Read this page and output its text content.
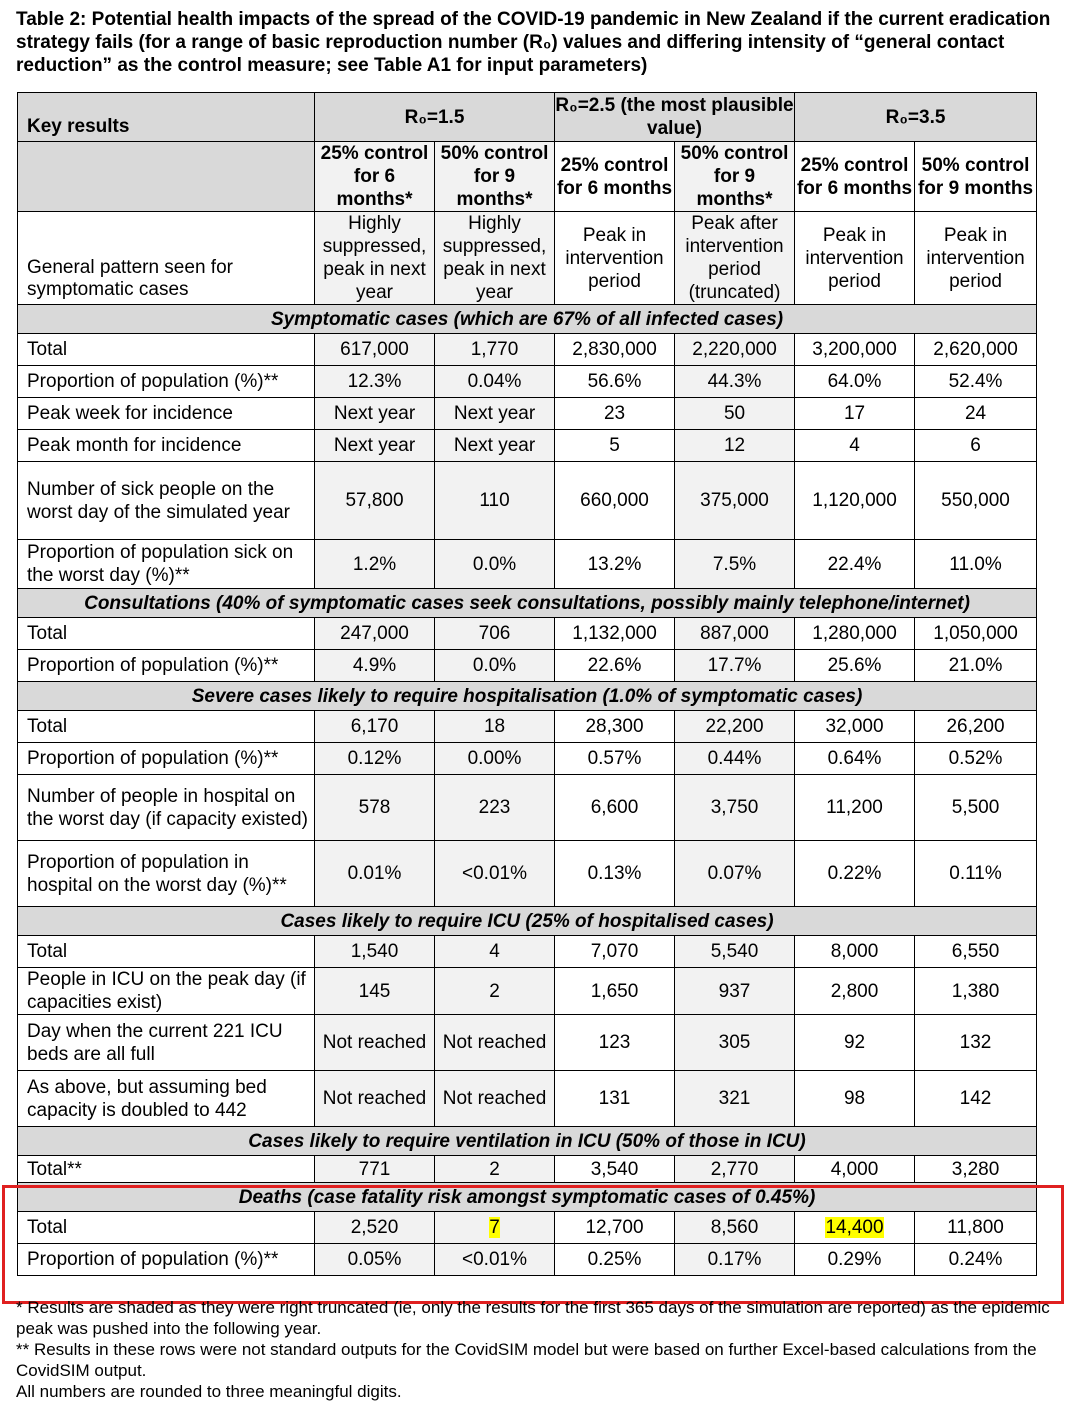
Table 2: Potential health impacts of the spread of the COVID-19 pandemic in New Zealand if the current eradication strategy fails (for a range of basic reproduction number (R₀) values and differing intensity of “general contact reduction” as the control measure; see Table A1 for input parameters)
Key results	R₀=1.5		R₀=2.5 (the most plausible value)		R₀=3.5	
	25% control for 6 months*	50% control for 9 months*	25% control for 6 months	50% control for 9 months*	25% control for 6 months	50% control for 9 months
General pattern seen for symptomatic cases	Highly suppressed, peak in next year	Highly suppressed, peak in next year	Peak in intervention period	Peak after intervention period (truncated)	Peak in intervention period	Peak in intervention period
Symptomatic cases (which are 67% of all infected cases)						
Total	617,000	1,770	2,830,000	2,220,000	3,200,000	2,620,000
Proportion of population (%)**	12.3%	0.04%	56.6%	44.3%	64.0%	52.4%
Peak week for incidence	Next year	Next year	23	50	17	24
Peak month for incidence	Next year	Next year	5	12	4	6
Number of sick people on the worst day of the simulated year	57,800	110	660,000	375,000	1,120,000	550,000
Proportion of population sick on the worst day (%)**	1.2%	0.0%	13.2%	7.5%	22.4%	11.0%
Consultations (40% of symptomatic cases seek consultations, possibly mainly telephone/internet)						
Total	247,000	706	1,132,000	887,000	1,280,000	1,050,000
Proportion of population (%)**	4.9%	0.0%	22.6%	17.7%	25.6%	21.0%
Severe cases likely to require hospitalisation (1.0% of symptomatic cases)						
Total	6,170	18	28,300	22,200	32,000	26,200
Proportion of population (%)**	0.12%	0.00%	0.57%	0.44%	0.64%	0.52%
Number of people in hospital on the worst day (if capacity existed)	578	223	6,600	3,750	11,200	5,500
Proportion of population in hospital on the worst day (%)**	0.01%	<0.01%	0.13%	0.07%	0.22%	0.11%
Cases likely to require ICU (25% of hospitalised cases)						
Total	1,540	4	7,070	5,540	8,000	6,550
People in ICU on the peak day (if capacities exist)	145	2	1,650	937	2,800	1,380
Day when the current 221 ICU beds are all full	Not reached	Not reached	123	305	92	132
As above, but assuming bed capacity is doubled to 442	Not reached	Not reached	131	321	98	142
Cases likely to require ventilation in ICU (50% of those in ICU)						
Total**	771	2	3,540	2,770	4,000	3,280
Deaths (case fatality risk amongst symptomatic cases of 0.45%)						
Total	2,520	7	12,700	8,560	14,400	11,800
Proportion of population (%)**	0.05%	<0.01%	0.25%	0.17%	0.29%	0.24%

* Results are shaded as they were right truncated (ie, only the results for the first 365 days of the simulation are reported) as the epidemic peak was pushed into the following year.

** Results in these rows were not standard outputs for the CovidSIM model but were based on further Excel-based calculations from the CovidSIM output.

All numbers are rounded to three meaningful digits.
